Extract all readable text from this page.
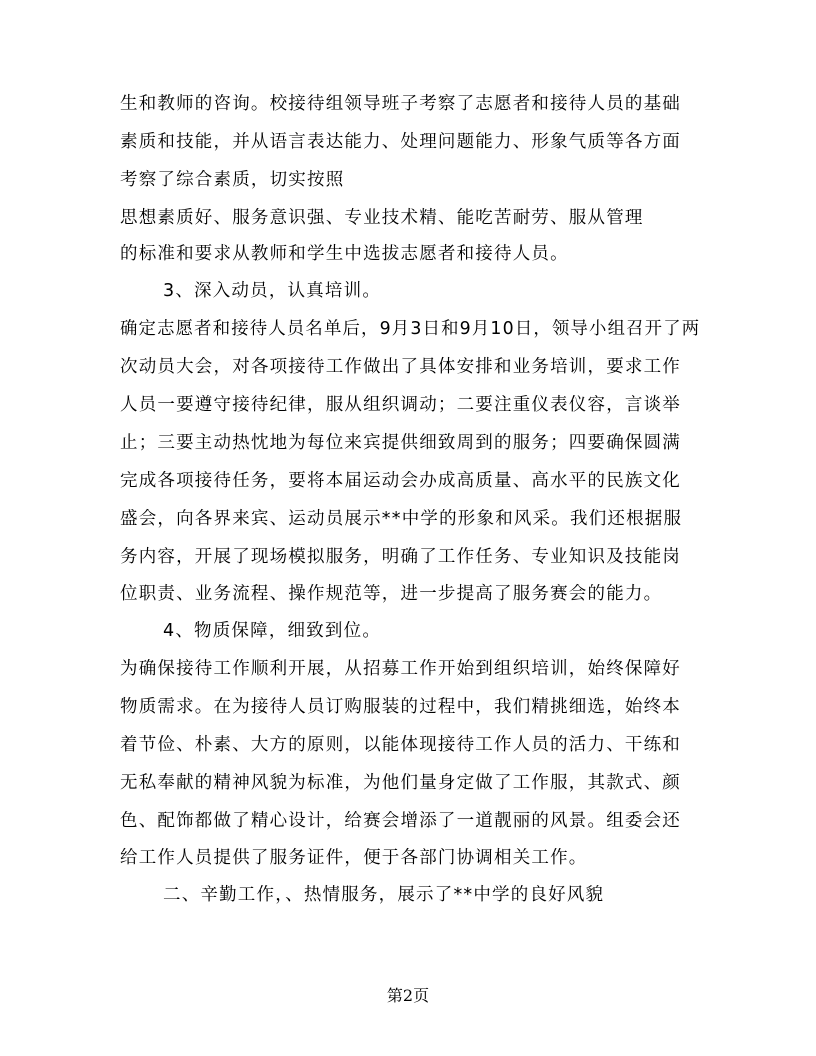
生和教师的咨询。校接待组领导班子考察了志愿者和接待人员的基础
素质和技能，并从语言表达能力、处理问题能力、形象气质等各方面
考察了综合素质，切实按照
思想素质好、服务意识强、专业技术精、能吃苦耐劳、服从管理
的标准和要求从教师和学生中选拔志愿者和接待人员。
3、深入动员，认真培训。
确定志愿者和接待人员名单后，9月3日和9月10日，领导小组召开了两
次动员大会，对各项接待工作做出了具体安排和业务培训，要求工作
人员一要遵守接待纪律，服从组织调动；二要注重仪表仪容，言谈举
止；三要主动热忱地为每位来宾提供细致周到的服务；四要确保圆满
完成各项接待任务，要将本届运动会办成高质量、高水平的民族文化
盛会，向各界来宾、运动员展示**中学的形象和风采。我们还根据服
务内容，开展了现场模拟服务，明确了工作任务、专业知识及技能岗
位职责、业务流程、操作规范等，进一步提高了服务赛会的能力。
4、物质保障，细致到位。
为确保接待工作顺利开展，从招募工作开始到组织培训，始终保障好
物质需求。在为接待人员订购服装的过程中，我们精挑细选，始终本
着节俭、朴素、大方的原则，以能体现接待工作人员的活力、干练和
无私奉献的精神风貌为标准，为他们量身定做了工作服，其款式、颜
色、配饰都做了精心设计，给赛会增添了一道靓丽的风景。组委会还
给工作人员提供了服务证件，便于各部门协调相关工作。
二、辛勤工作，、热情服务，展示了**中学的良好风貌
第2页
